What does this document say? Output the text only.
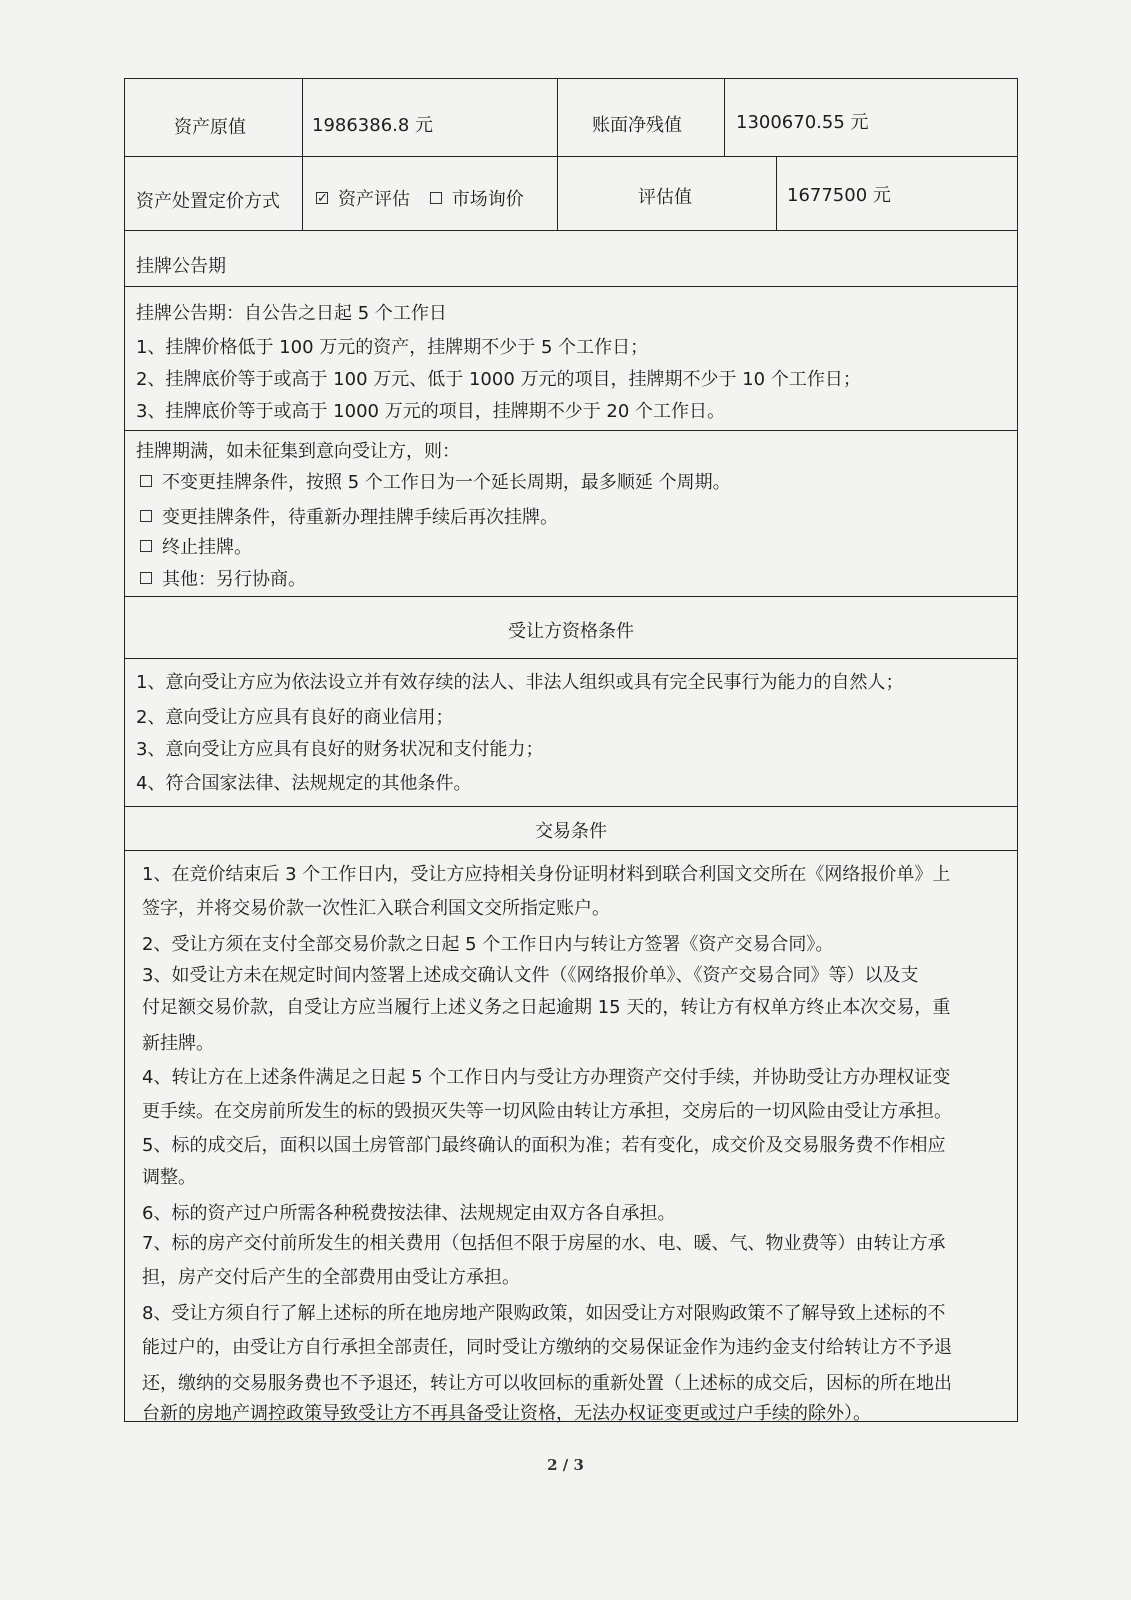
资产原值	1986386.8 元	账面净残值	1300670.55 元
资产处置定价方式
✓	资产评估 市场询价	评估值	1677500 元
挂牌公告期
挂牌公告期：自公告之日起 5 个工作日
1、挂牌价格低于 100 万元的资产，挂牌期不少于 5 个工作日；
2、挂牌底价等于或高于 100 万元、低于 1000 万元的项目，挂牌期不少于 10 个工作日；
3、挂牌底价等于或高于 1000 万元的项目，挂牌期不少于 20 个工作日。
挂牌期满，如未征集到意向受让方，则：
不变更挂牌条件，按照 5 个工作日为一个延长周期，最多顺延 个周期。
变更挂牌条件，待重新办理挂牌手续后再次挂牌。
终止挂牌。
其他：另行协商。
受让方资格条件
1、意向受让方应为依法设立并有效存续的法人、非法人组织或具有完全民事行为能力的自然人；
2、意向受让方应具有良好的商业信用；
3、意向受让方应具有良好的财务状况和支付能力；
4、符合国家法律、法规规定的其他条件。
交易条件
1、在竞价结束后 3 个工作日内，受让方应持相关身份证明材料到联合利国文交所在《网络报价单》上
签字，并将交易价款一次性汇入联合利国文交所指定账户。
2、受让方须在支付全部交易价款之日起 5 个工作日内与转让方签署《资产交易合同》。
3、如受让方未在规定时间内签署上述成交确认文件（《网络报价单》、《资产交易合同》等）以及支
付足额交易价款，自受让方应当履行上述义务之日起逾期 15 天的，转让方有权单方终止本次交易，重
新挂牌。
4、转让方在上述条件满足之日起 5 个工作日内与受让方办理资产交付手续，并协助受让方办理权证变
更手续。在交房前所发生的标的毁损灭失等一切风险由转让方承担，交房后的一切风险由受让方承担。
5、标的成交后，面积以国土房管部门最终确认的面积为准；若有变化，成交价及交易服务费不作相应
调整。
6、标的资产过户所需各种税费按法律、法规规定由双方各自承担。
7、标的房产交付前所发生的相关费用（包括但不限于房屋的水、电、暖、气、物业费等）由转让方承
担，房产交付后产生的全部费用由受让方承担。
8、受让方须自行了解上述标的所在地房地产限购政策，如因受让方对限购政策不了解导致上述标的不
能过户的，由受让方自行承担全部责任，同时受让方缴纳的交易保证金作为违约金支付给转让方不予退
还，缴纳的交易服务费也不予退还，转让方可以收回标的重新处置（上述标的成交后，因标的所在地出
台新的房地产调控政策导致受让方不再具备受让资格，无法办权证变更或过户手续的除外）。
2 / 3
